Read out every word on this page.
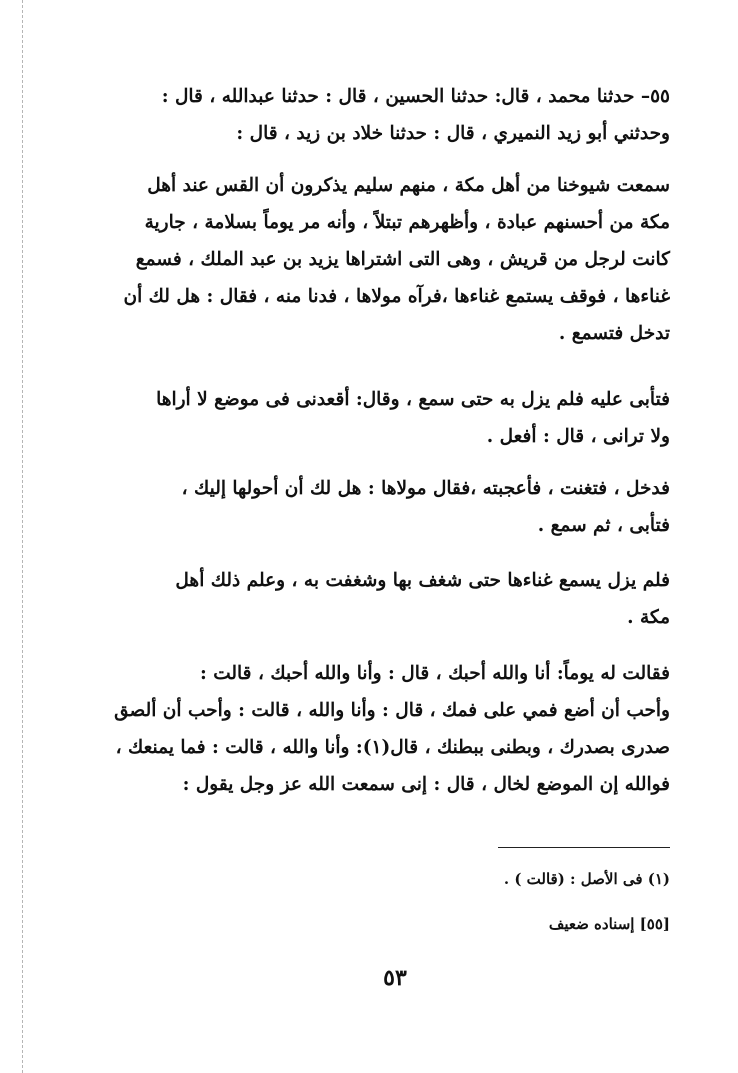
٥٥– حدثنا محمد ، قال: حدثنا الحسين ، قال : حدثنا عبدالله ، قال :
وحدثني أبو زيد النميري ، قال : حدثنا خلاد بن زيد ، قال :
سمعت شيوخنا من أهل مكة ، منهم سليم يذكرون أن القس عند أهل
مكة من أحسنهم عبادة ، وأظهرهم تبتلاً ، وأنه مر يوماً بسلامة ، جارية
كانت لرجل من قريش ، وهى التى اشتراها يزيد بن عبد الملك ، فسمع
غناءها ، فوقف يستمع غناءها ،فرآه مولاها ، فدنا منه ، فقال : هل لك أن
تدخل فتسمع .
فتأبى عليه فلم يزل به حتى سمع ، وقال: أقعدنى فى موضع لا أراها
ولا ترانى ، قال : أفعل .
فدخل ، فتغنت ، فأعجبته ،فقال مولاها : هل لك أن أحولها إليك ،
فتأبى ، ثم سمع .
فلم يزل يسمع غناءها حتى شغف بها وشغفت به ، وعلم ذلك أهل
مكة .
فقالت له يوماً: أنا والله أحبك ، قال : وأنا والله أحبك ، قالت :
وأحب أن أضع فمي على فمك ، قال : وأنا والله ، قالت : وأحب أن ألصق
صدرى بصدرك ، وبطنى ببطنك ، قال(١): وأنا والله ، قالت : فما يمنعك ،
فوالله إن الموضع لخال ، قال : إنى سمعت الله عز وجل يقول :
(١) فى الأصل : (قالت ) .
[٥٥] إسناده ضعيف
٥٣
